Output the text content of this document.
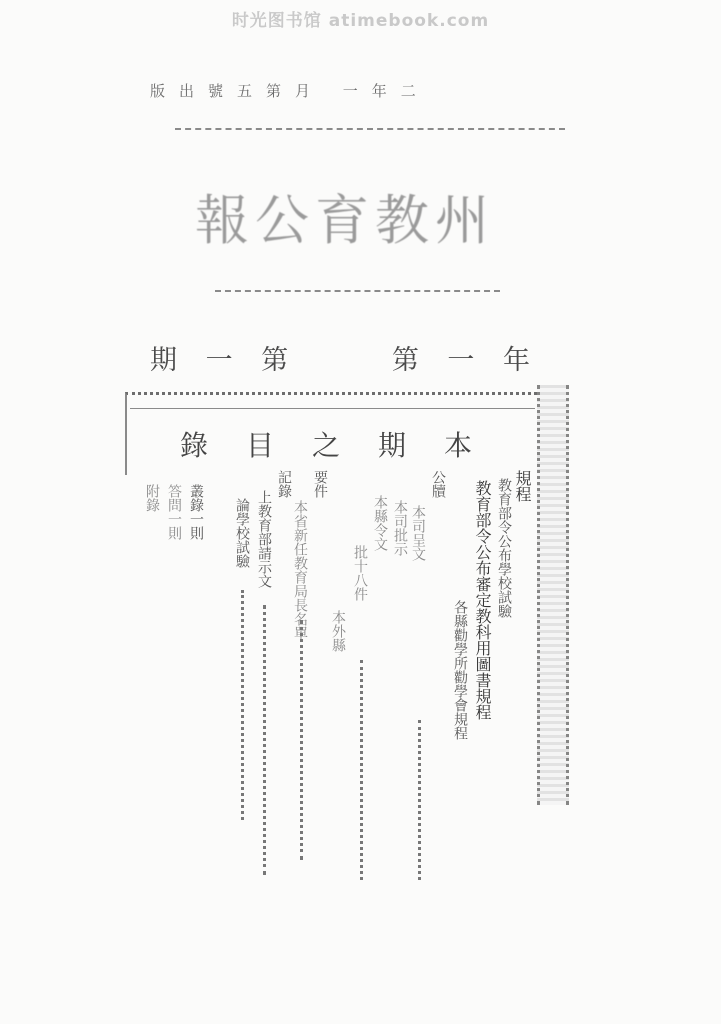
时光图书馆 atimebook.com
版出號五第月 一年二
報公育教州
期 一 第	第 一 年
錄目之期本
規程
教育部令公布學校試驗
教育部令公布審定教科用圖書規程
各縣勸學所勸學會規程
公牘
本司呈文
本司批示
本縣令文
批十八件
本外縣
要件
本省新任教育局長名單
記錄
上教育部請示文
論學校試驗
叢錄一則
答問一則
附錄
